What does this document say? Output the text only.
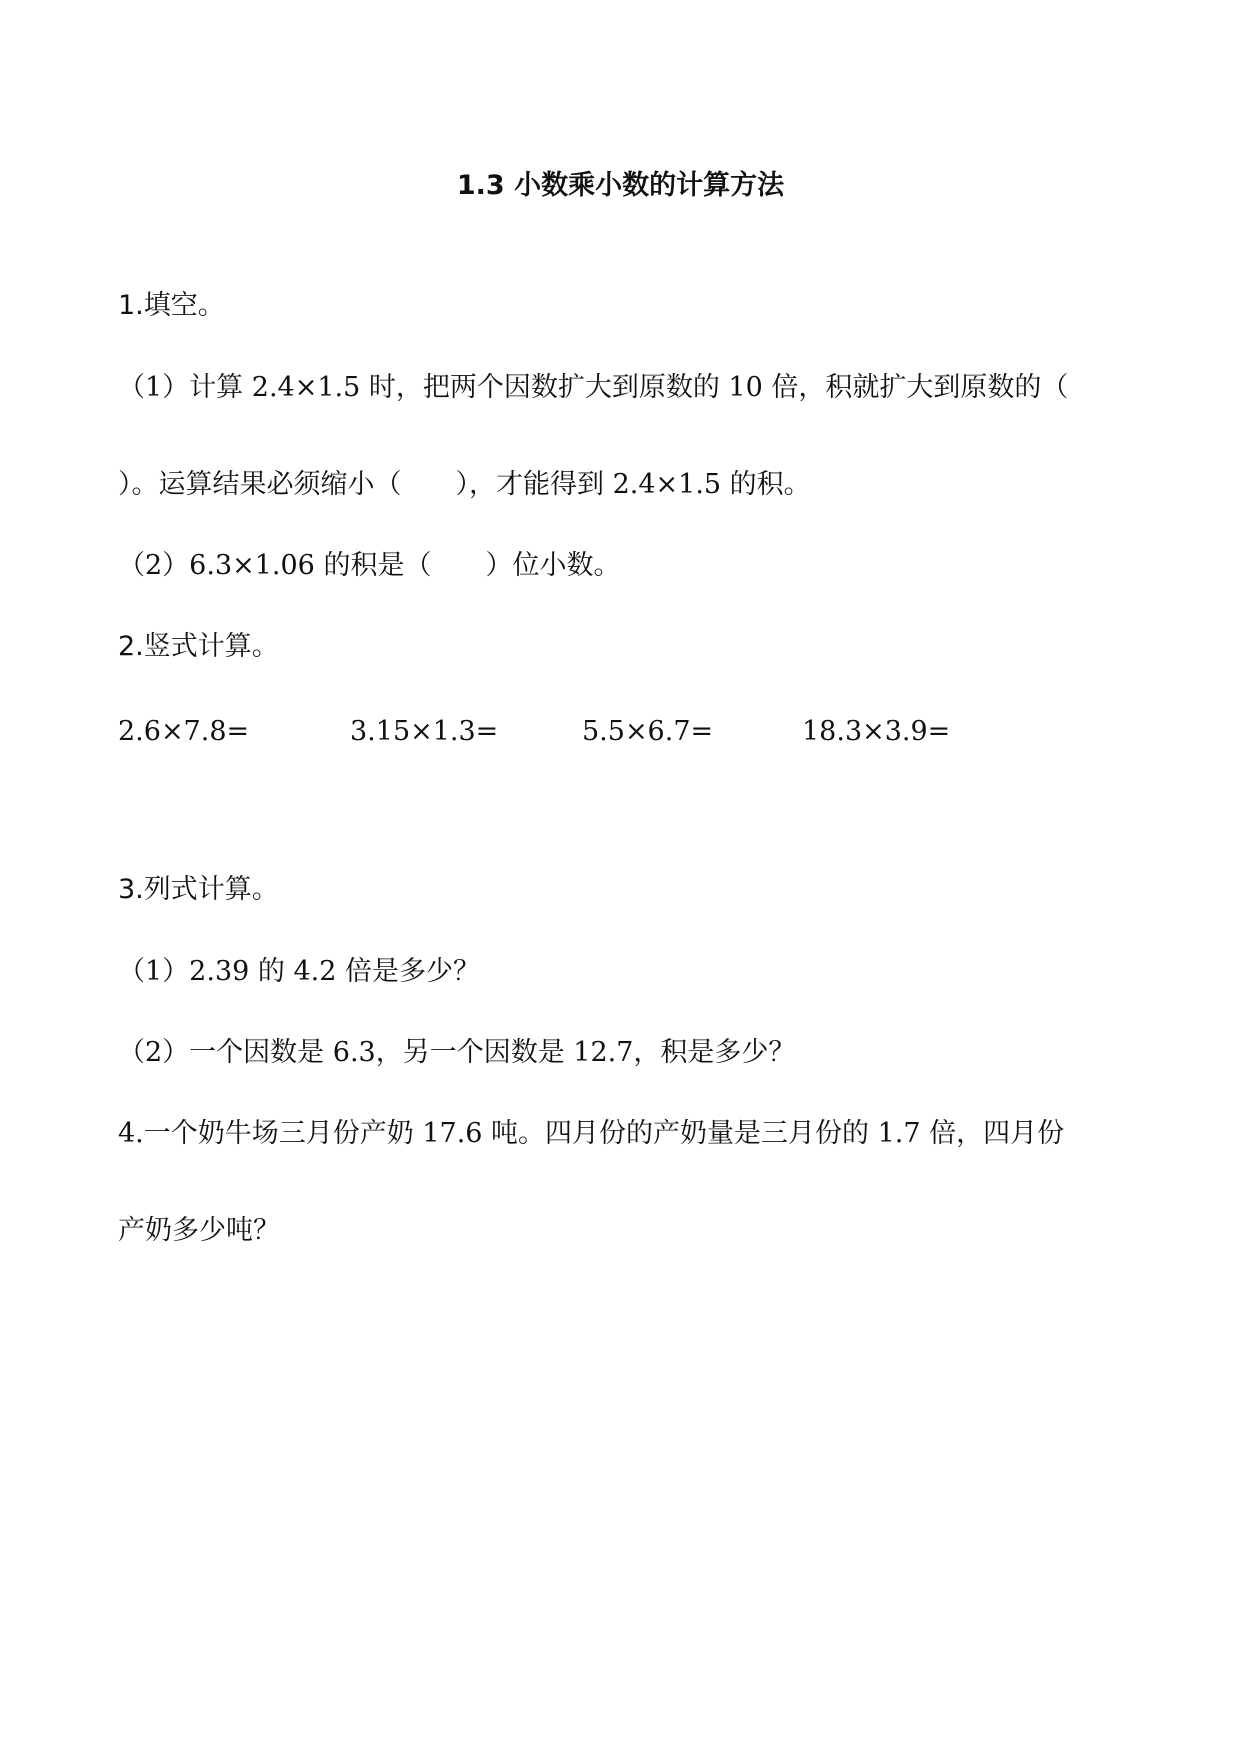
1.3 小数乘小数的计算方法

1.填空。

（1）计算 2.4×1.5 时，把两个因数扩大到原数的 10 倍，积就扩大到原数的（

）。运算结果必须缩小（　　），才能得到 2.4×1.5 的积。

（2）6.3×1.06 的积是（　　）位小数。

2.竖式计算。

2.6×7.8=	3.15×1.3=	5.5×6.7=	18.3×3.9=

3.列式计算。

（1）2.39 的 4.2 倍是多少？

（2）一个因数是 6.3，另一个因数是 12.7，积是多少？

4.一个奶牛场三月份产奶 17.6 吨。四月份的产奶量是三月份的 1.7 倍，四月份

产奶多少吨？
